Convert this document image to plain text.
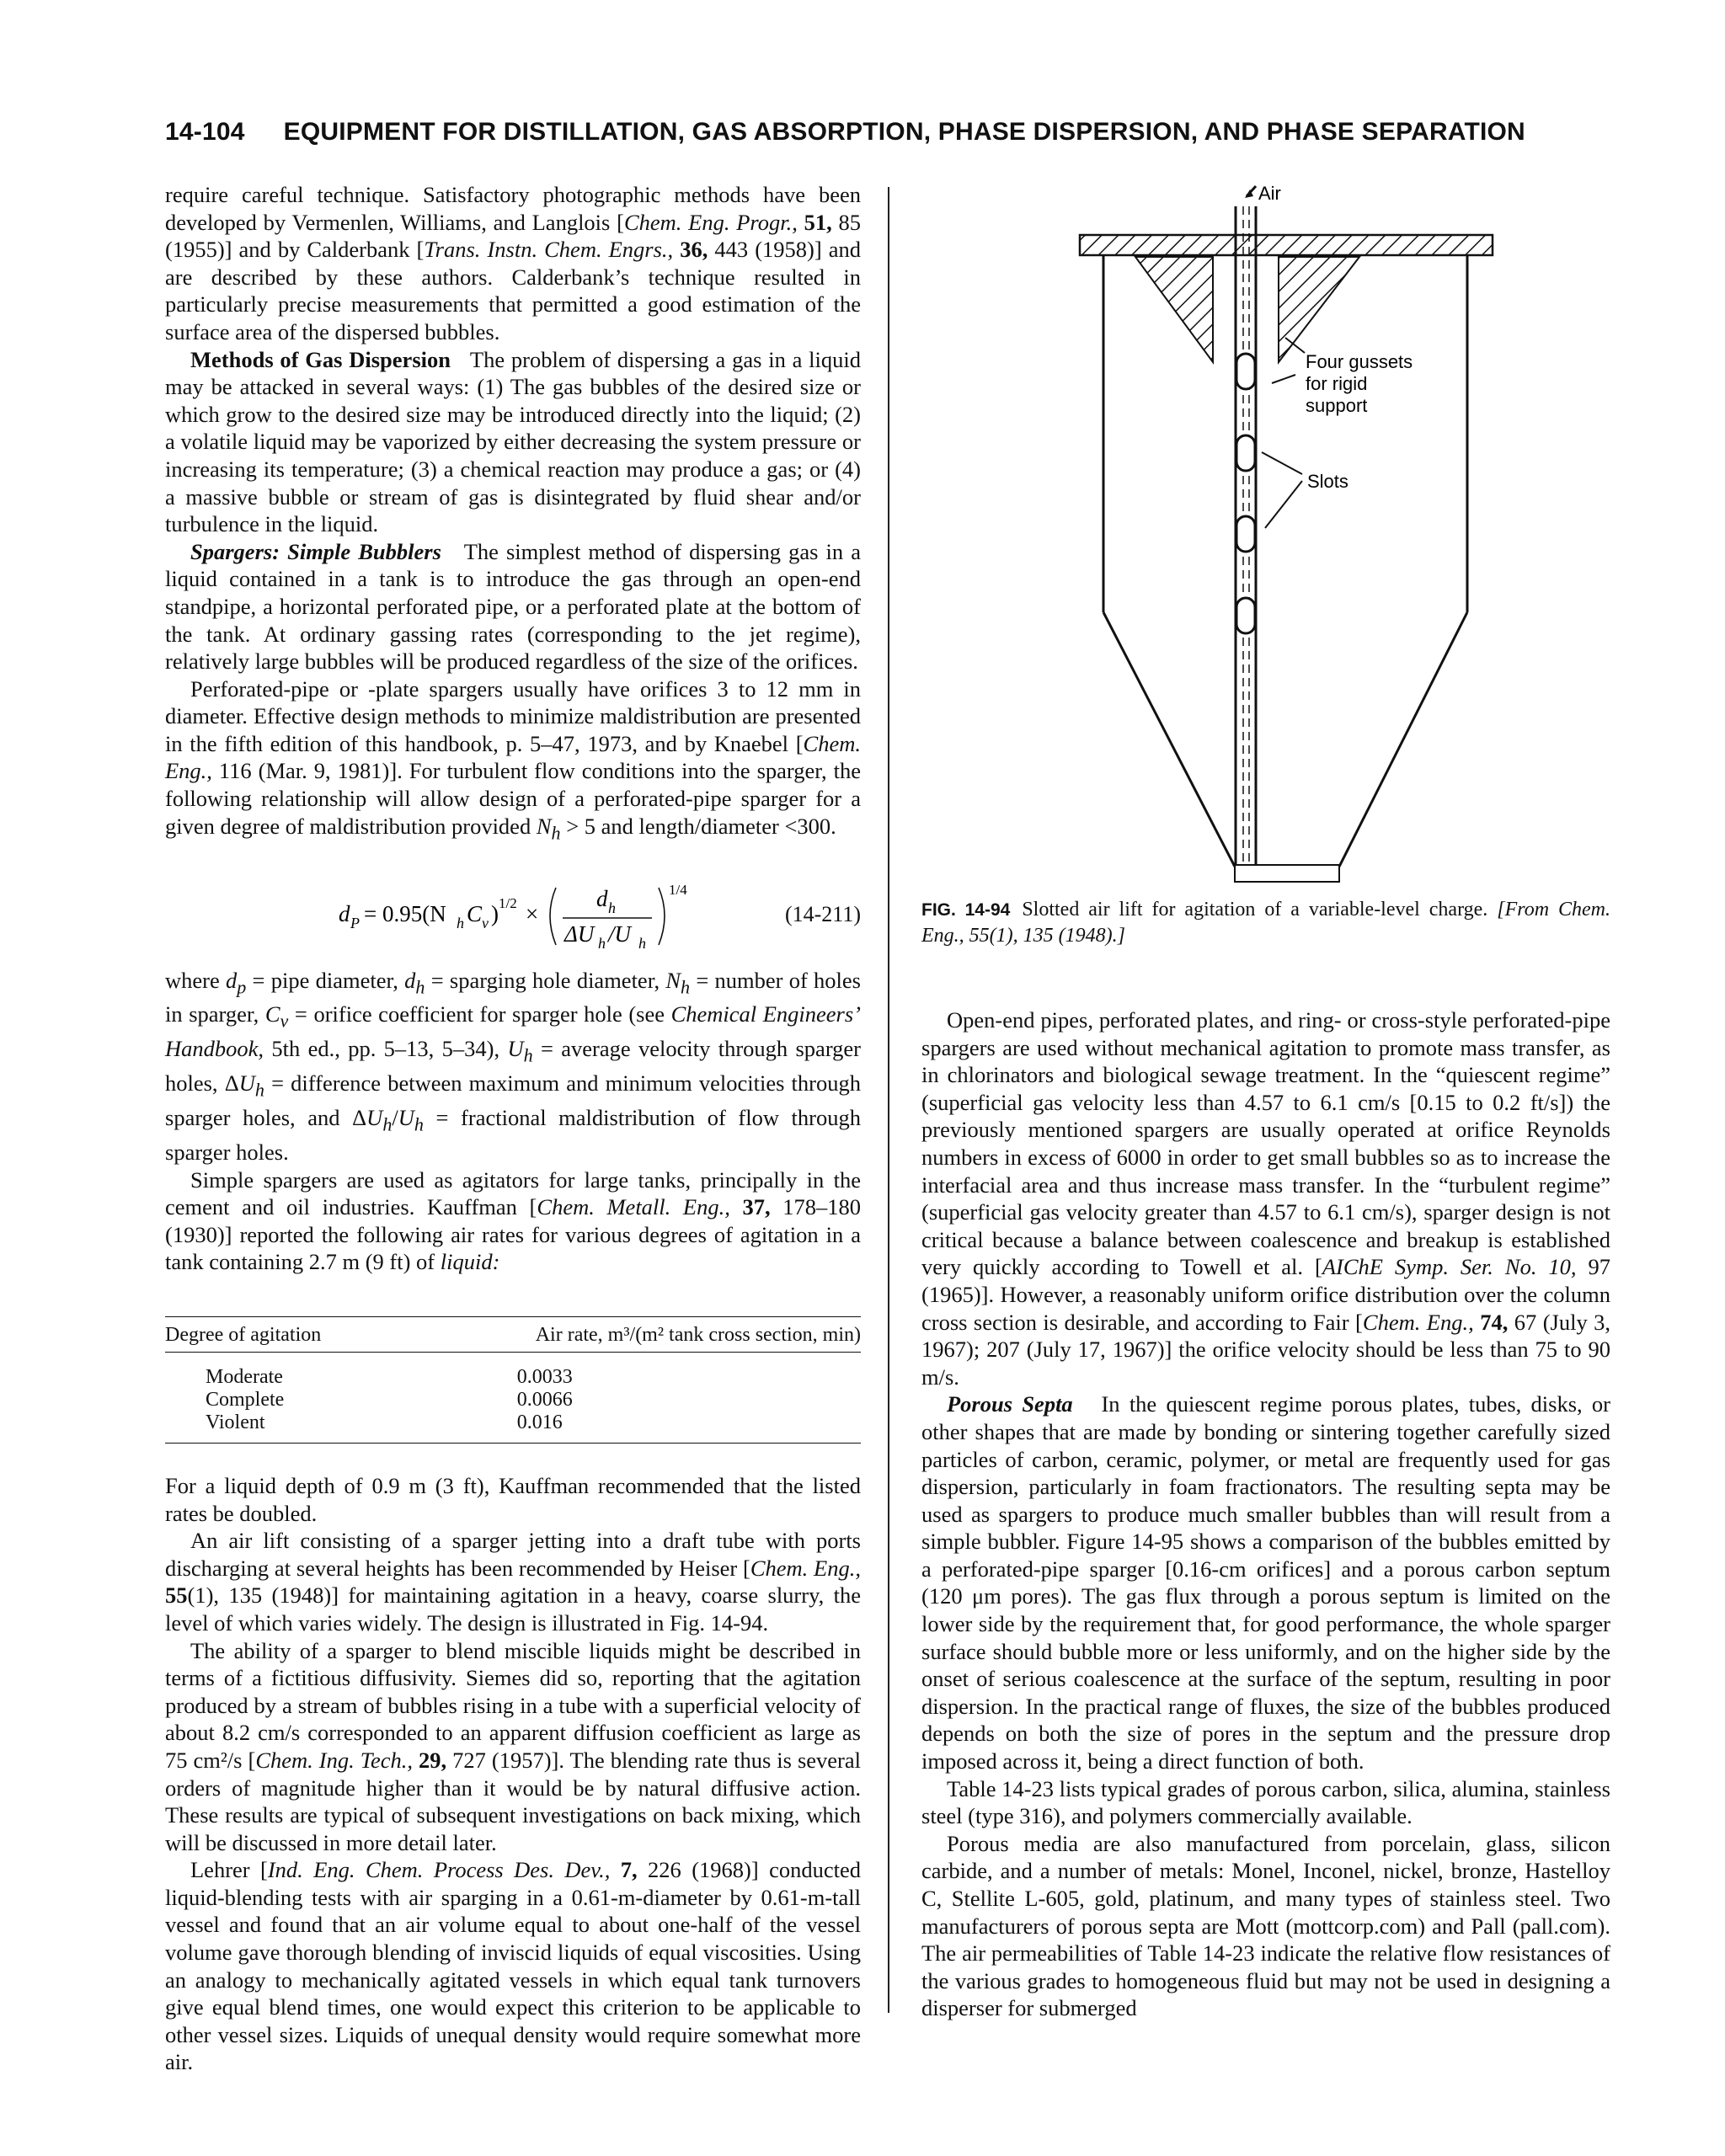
14-104 EQUIPMENT FOR DISTILLATION, GAS ABSORPTION, PHASE DISPERSION, AND PHASE SEPARATION

require careful technique. Satisfactory photographic methods have been developed by Vermenlen, Williams, and Langlois [Chem. Eng. Progr., 51, 85 (1955)] and by Calderbank [Trans. Instn. Chem. Engrs., 36, 443 (1958)] and are described by these authors. Calderbank’s technique resulted in particularly precise measurements that permitted a good estimation of the surface area of the dispersed bubbles.

Methods of Gas Dispersion   The problem of dispersing a gas in a liquid may be attacked in several ways: (1) The gas bubbles of the desired size or which grow to the desired size may be introduced directly into the liquid; (2) a volatile liquid may be vaporized by either decreasing the system pressure or increasing its temperature; (3) a chemical reaction may produce a gas; or (4) a massive bubble or stream of gas is disintegrated by fluid shear and/or turbulence in the liquid.

Spargers: Simple Bubblers   The simplest method of dispersing gas in a liquid contained in a tank is to introduce the gas through an open-end standpipe, a horizontal perforated pipe, or a perforated plate at the bottom of the tank. At ordinary gassing rates (corresponding to the jet regime), relatively large bubbles will be produced regardless of the size of the orifices.

Perforated-pipe or -plate spargers usually have orifices 3 to 12 mm in diameter. Effective design methods to minimize maldistribution are presented in the fifth edition of this handbook, p. 5–47, 1973, and by Knaebel [Chem. Eng., 116 (Mar. 9, 1981)]. For turbulent flow conditions into the sparger, the following relationship will allow design of a perforated-pipe sparger for a given degree of maldistribution provided $N_h > 5$ and length/diameter <300.

d P = 0.95(N h C v ) 1/2 ×
d h
ΔU h /U h
1/4
(14-211)

where $d_p$ = pipe diameter, $d_h$ = sparging hole diameter, $N_h$ = number of holes in sparger, $C_v$ = orifice coefficient for sparger hole (see Chemical Engineers’ Handbook, 5th ed., pp. 5–13, 5–34), $U_h$ = average velocity through sparger holes, $\Delta U_h$ = difference between maximum and minimum velocities through sparger holes, and $\Delta U_h/U_h$ = fractional maldistribution of flow through sparger holes.

Simple spargers are used as agitators for large tanks, principally in the cement and oil industries. Kauffman [Chem. Metall. Eng., 37, 178–180 (1930)] reported the following air rates for various degrees of agitation in a tank containing 2.7 m (9 ft) of liquid:

Degree of agitation	Air rate, m³/(m² tank cross section, min)
Moderate	0.0033
Complete	0.0066
Violent	0.016

For a liquid depth of 0.9 m (3 ft), Kauffman recommended that the listed rates be doubled.

An air lift consisting of a sparger jetting into a draft tube with ports discharging at several heights has been recommended by Heiser [Chem. Eng., 55(1), 135 (1948)] for maintaining agitation in a heavy, coarse slurry, the level of which varies widely. The design is illustrated in Fig. 14-94.

The ability of a sparger to blend miscible liquids might be described in terms of a fictitious diffusivity. Siemes did so, reporting that the agitation produced by a stream of bubbles rising in a tube with a superficial velocity of about 8.2 cm/s corresponded to an apparent diffusion coefficient as large as 75 cm²/s [Chem. Ing. Tech., 29, 727 (1957)]. The blending rate thus is several orders of magnitude higher than it would be by natural diffusive action. These results are typical of subsequent investigations on back mixing, which will be discussed in more detail later.

Lehrer [Ind. Eng. Chem. Process Des. Dev., 7, 226 (1968)] conducted liquid-blending tests with air sparging in a 0.61-m-diameter by 0.61-m-tall vessel and found that an air volume equal to about one-half of the vessel volume gave thorough blending of inviscid liquids of equal viscosities. Using an analogy to mechanically agitated vessels in which equal tank turnovers give equal blend times, one would expect this criterion to be applicable to other vessel sizes. Liquids of unequal density would require somewhat more air.

Air
Four gussets
for rigid
support
Slots
FIG. 14-94 Slotted air lift for agitation of a variable-level charge. [From Chem. Eng., 55(1), 135 (1948).]

Open-end pipes, perforated plates, and ring- or cross-style perforated-pipe spargers are used without mechanical agitation to promote mass transfer, as in chlorinators and biological sewage treatment. In the “quiescent regime” (superficial gas velocity less than 4.57 to 6.1 cm/s [0.15 to 0.2 ft/s]) the previously mentioned spargers are usually operated at orifice Reynolds numbers in excess of 6000 in order to get small bubbles so as to increase the interfacial area and thus increase mass transfer. In the “turbulent regime” (superficial gas velocity greater than 4.57 to 6.1 cm/s), sparger design is not critical because a balance between coalescence and breakup is established very quickly according to Towell et al. [AIChE Symp. Ser. No. 10, 97 (1965)]. However, a reasonably uniform orifice distribution over the column cross section is desirable, and according to Fair [Chem. Eng., 74, 67 (July 3, 1967); 207 (July 17, 1967)] the orifice velocity should be less than 75 to 90 m/s.

Porous Septa   In the quiescent regime porous plates, tubes, disks, or other shapes that are made by bonding or sintering together carefully sized particles of carbon, ceramic, polymer, or metal are frequently used for gas dispersion, particularly in foam fractionators. The resulting septa may be used as spargers to produce much smaller bubbles than will result from a simple bubbler. Figure 14-95 shows a comparison of the bubbles emitted by a perforated-pipe sparger [0.16-cm orifices] and a porous carbon septum (120 μm pores). The gas flux through a porous septum is limited on the lower side by the requirement that, for good performance, the whole sparger surface should bubble more or less uniformly, and on the higher side by the onset of serious coalescence at the surface of the septum, resulting in poor dispersion. In the practical range of fluxes, the size of the bubbles produced depends on both the size of pores in the septum and the pressure drop imposed across it, being a direct function of both.

Table 14-23 lists typical grades of porous carbon, silica, alumina, stainless steel (type 316), and polymers commercially available.

Porous media are also manufactured from porcelain, glass, silicon carbide, and a number of metals: Monel, Inconel, nickel, bronze, Hastelloy C, Stellite L-605, gold, platinum, and many types of stainless steel. Two manufacturers of porous septa are Mott (mottcorp.com) and Pall (pall.com). The air permeabilities of Table 14-23 indicate the relative flow resistances of the various grades to homogeneous fluid but may not be used in designing a disperser for submerged
